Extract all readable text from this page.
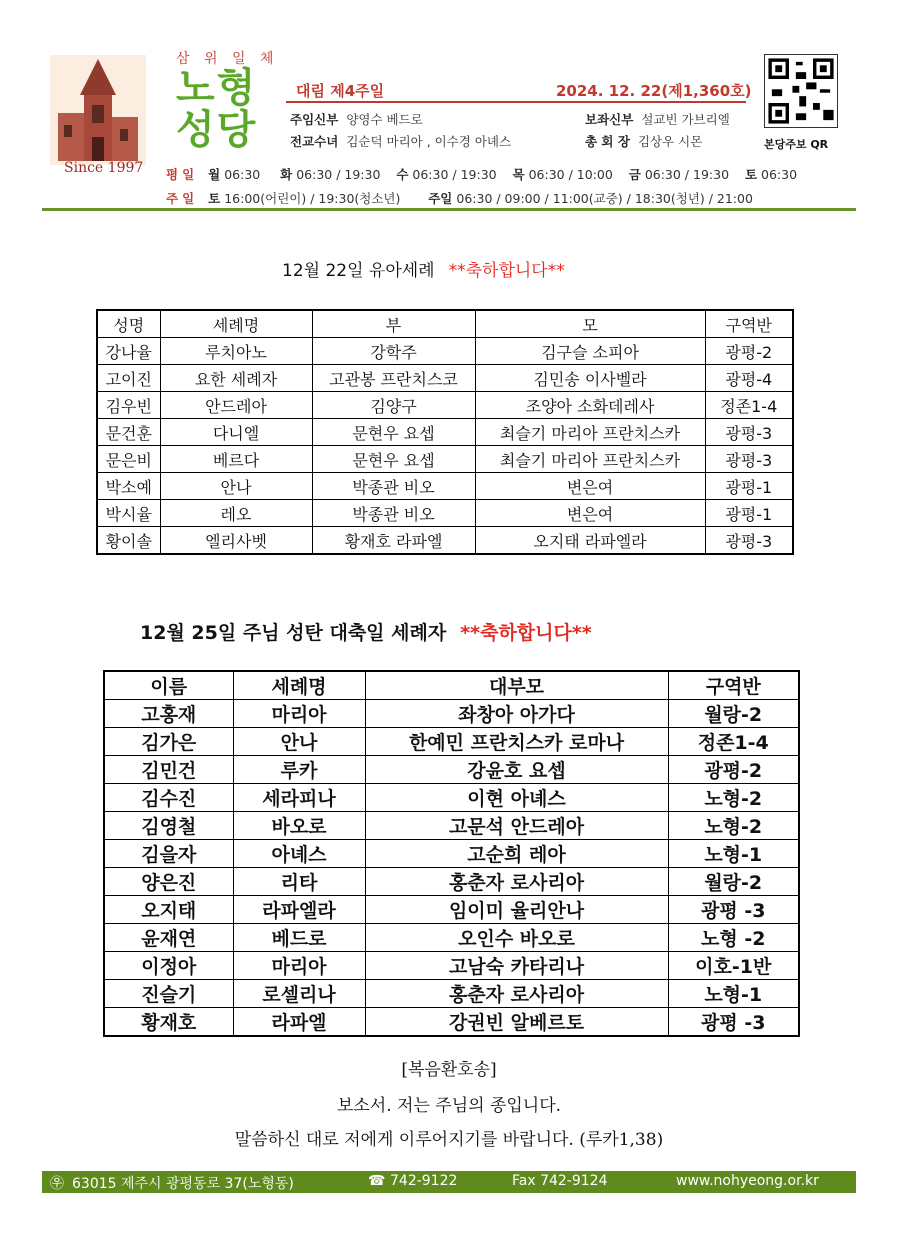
Since 1997
삼 위 일 체
노형
성당
대림 제4주일	2024. 12. 22(제1,360호)
주임신부 양영수 베드로	보좌신부 설교빈 가브리엘
전교수녀 김순덕 마리아 , 이수경 아녜스	총 회 장 김상우 시몬	본당주보 QR
평일 월 06:30 화 06:30 / 19:30 수 06:30 / 19:30 목 06:30 / 10:00 금 06:30 / 19:30 토 06:30
주일 토 16:00(어린이) / 19:30(청소년) 주일 06:30 / 09:00 / 11:00(교중) / 18:30(청년) / 21:00
12월 22일 유아세례 **축하합니다**
성명	세례명	부	모	구역반
강나율	루치아노	강학주	김구슬 소피아	광평-2
고이진	요한 세례자	고관봉 프란치스코	김민송 이사벨라	광평-4
김우빈	안드레아	김양구	조양아 소화데레사	정존1-4
문건훈	다니엘	문현우 요셉	최슬기 마리아 프란치스카	광평-3
문은비	베르다	문현우 요셉	최슬기 마리아 프란치스카	광평-3
박소예	안나	박종관 비오	변은여	광평-1
박시율	레오	박종관 비오	변은여	광평-1
황이솔	엘리사벳	황재호 라파엘	오지태 라파엘라	광평-3
12월 25일 주님 성탄 대축일 세례자 **축하합니다**
이름	세례명	대부모	구역반
고홍재	마리아	좌창아 아가다	월랑-2
김가은	안나	한예민 프란치스카 로마나	정존1-4
김민건	루카	강윤호 요셉	광평-2
김수진	세라피나	이현 아녜스	노형-2
김영철	바오로	고문석 안드레아	노형-2
김을자	아녜스	고순희 레아	노형-1
양은진	리타	홍춘자 로사리아	월랑-2
오지태	라파엘라	임이미 율리안나	광평 -3
윤재연	베드로	오인수 바오로	노형 -2
이정아	마리아	고남숙 카타리나	이호-1반
진슬기	로셀리나	홍춘자 로사리아	노형-1
황재호	라파엘	강권빈 알베르토	광평 -3
[복음환호송]
보소서. 저는 주님의 종입니다.
말씀하신 대로 저에게 이루어지기를 바랍니다. (루카1,38)
㉾ 63015 제주시 광평동로 37(노형동)	☎ 742-9122	Fax 742-9124	www.nohyeong.or.kr
